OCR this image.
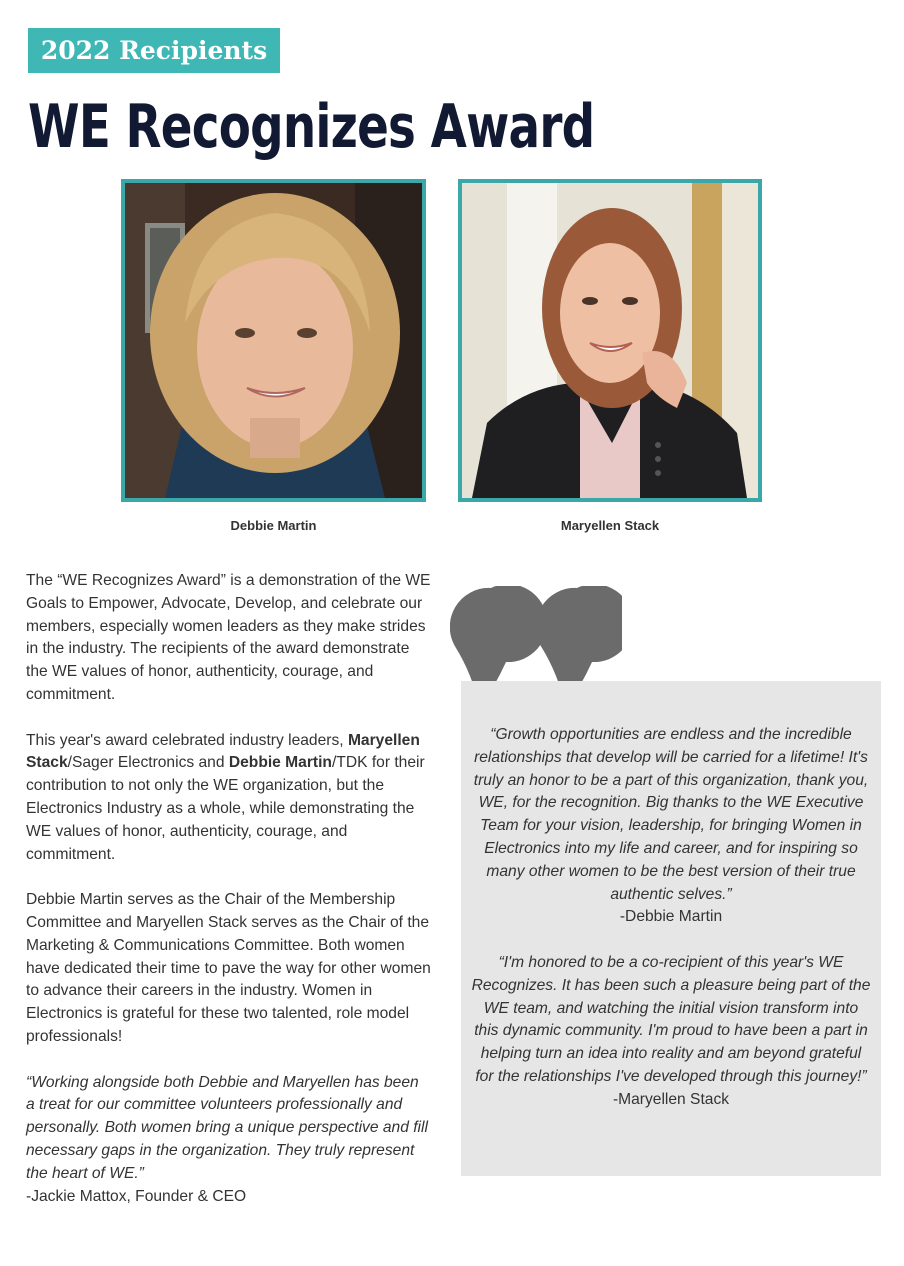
2022 Recipients
WE Recognizes Award
Debbie Martin	Maryellen Stack

The “WE Recognizes Award” is a demonstration of the WE Goals to Empower, Advocate, Develop, and celebrate our members, especially women leaders as they make strides in the industry. The recipients of the award demonstrate the WE values of honor, authenticity, courage, and commitment.

This year's award celebrated industry leaders, Maryellen Stack/Sager Electronics and Debbie Martin/TDK for their contribution to not only the WE organization, but the Electronics Industry as a whole, while demonstrating the WE values of honor, authenticity, courage, and commitment.

Debbie Martin serves as the Chair of the Membership Committee and Maryellen Stack serves as the Chair of the Marketing & Communications Committee. Both women have dedicated their time to pave the way for other women to advance their careers in the industry. Women in Electronics is grateful for these two talented, role model professionals!

“Working alongside both Debbie and Maryellen has been a treat for our committee volunteers professionally and personally. Both women bring a unique perspective and fill necessary gaps in the organization. They truly represent the heart of WE.”

-Jackie Mattox, Founder & CEO

“Growth opportunities are endless and the incredible relationships that develop will be carried for a lifetime! It's truly an honor to be a part of this organization, thank you, WE, for the recognition. Big thanks to the WE Executive Team for your vision, leadership, for bringing Women in Electronics into my life and career, and for inspiring so many other women to be the best version of their true authentic selves.”

-Debbie Martin

“I'm honored to be a co-recipient of this year's WE Recognizes. It has been such a pleasure being part of the WE team, and watching the initial vision transform into this dynamic community. I'm proud to have been a part in helping turn an idea into reality and am beyond grateful for the relationships I've developed through this journey!”

-Maryellen Stack
